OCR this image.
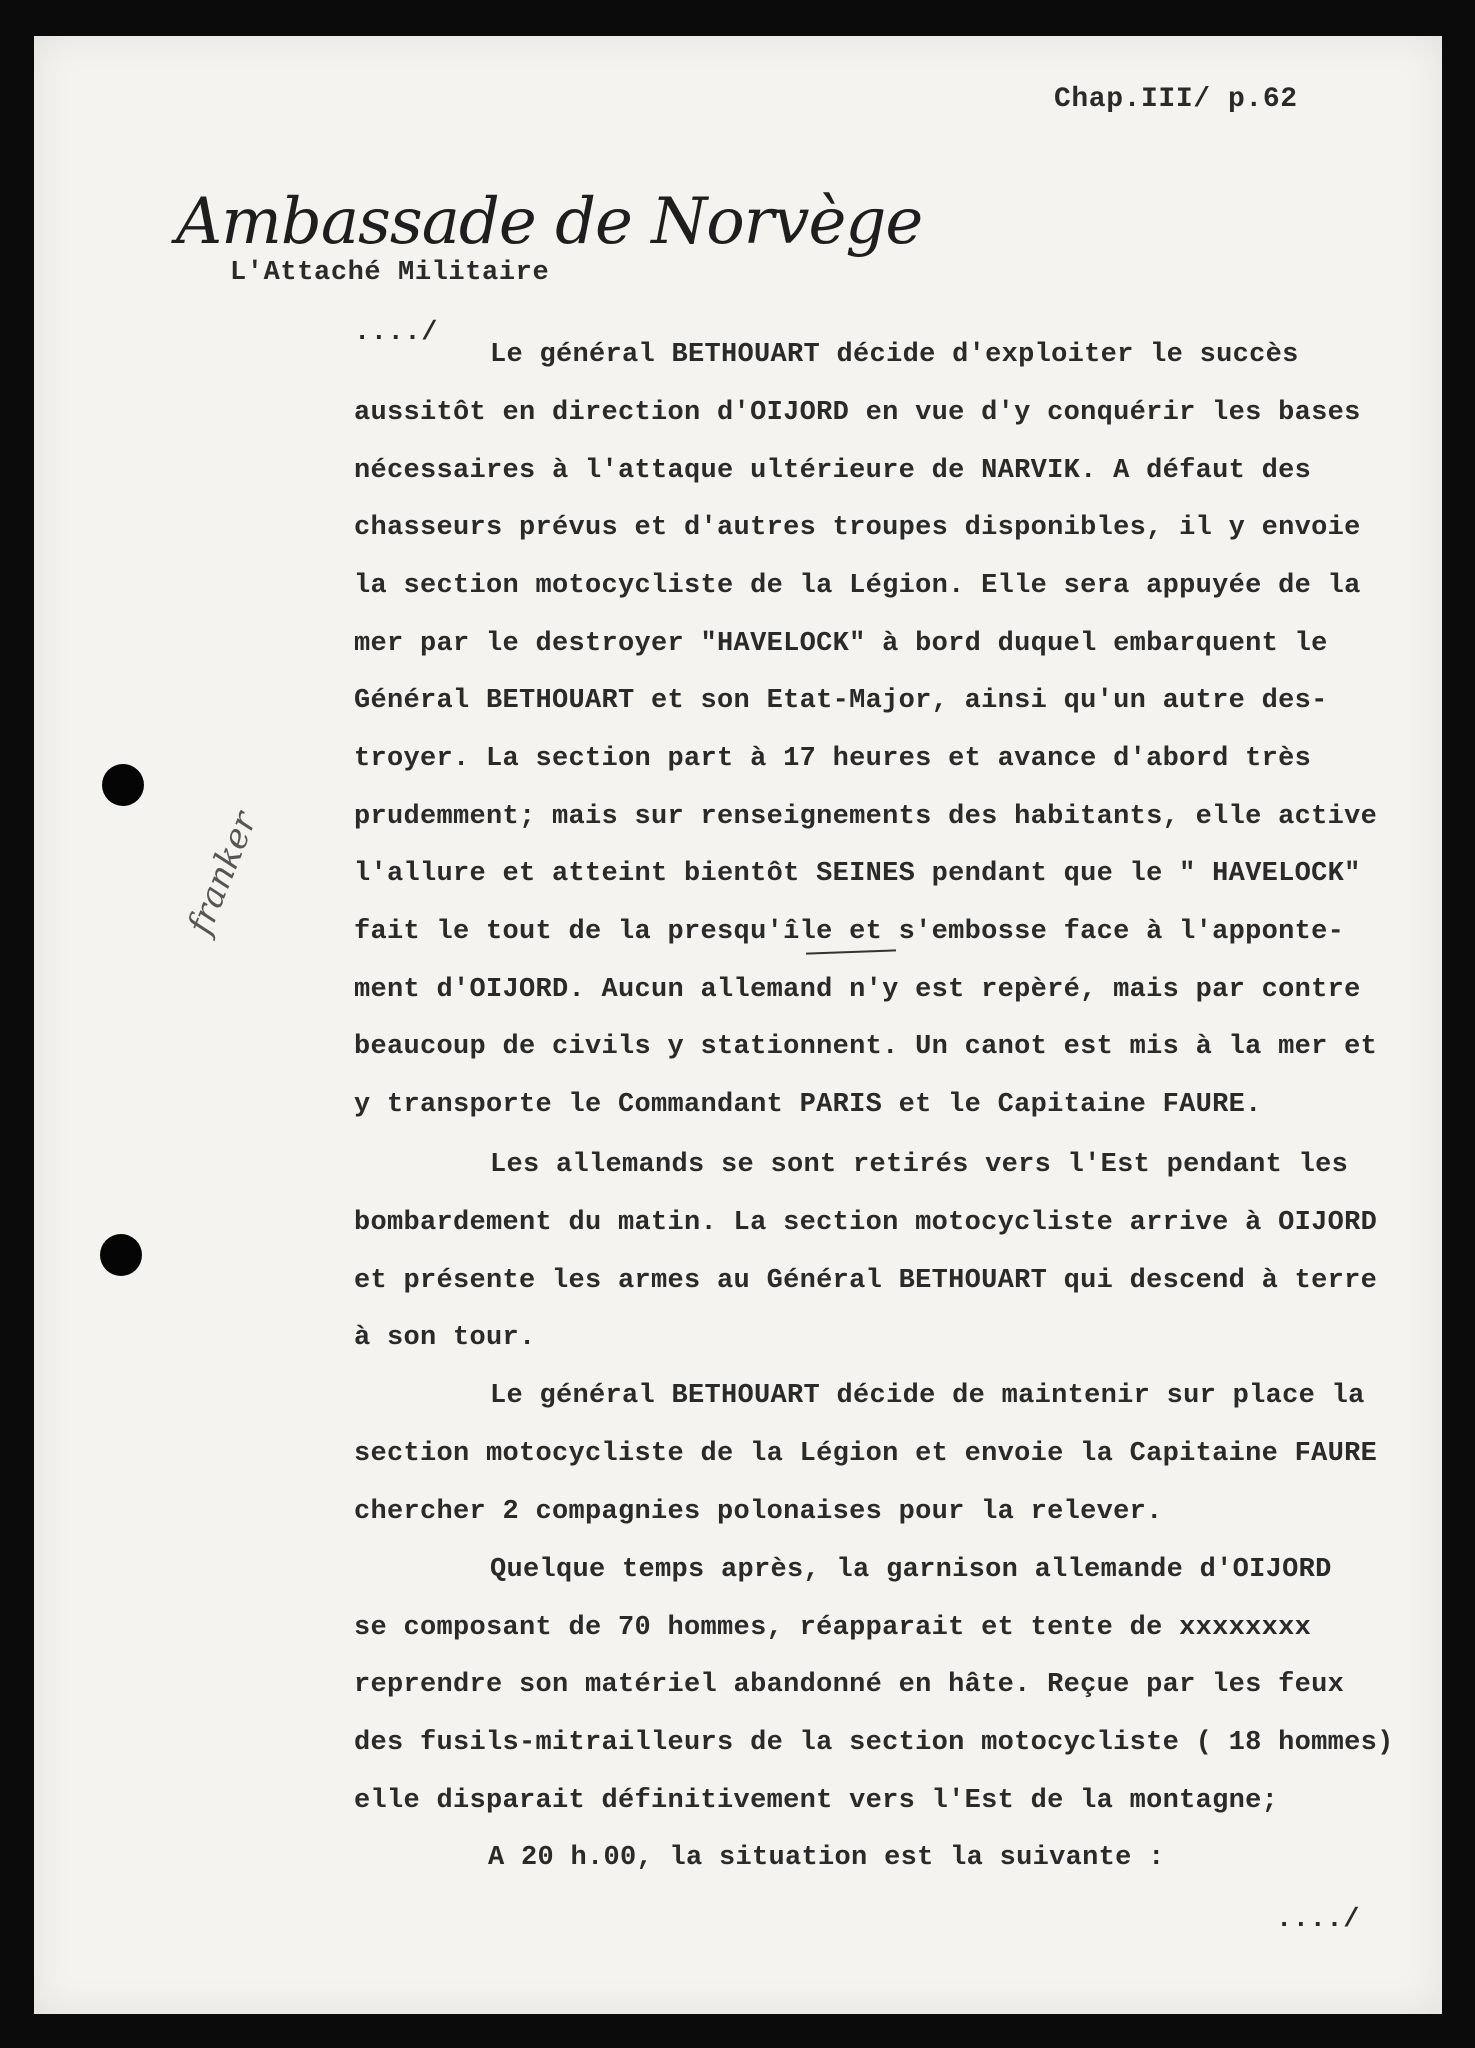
Chap.III/ p.62
Ambassade de Norvège
L'Attaché Militaire
..../
franker
Le général BETHOUART décide d'exploiter le succès
aussitôt en direction d'OIJORD en vue d'y conquérir les bases
nécessaires à l'attaque ultérieure de NARVIK. A défaut des
chasseurs prévus et d'autres troupes disponibles, il y envoie
la section motocycliste de la Légion. Elle sera appuyée de la
mer par le destroyer "HAVELOCK" à bord duquel embarquent le
Général BETHOUART et son Etat-Major, ainsi qu'un autre des-
troyer. La section part à 17 heures et avance d'abord très
prudemment; mais sur renseignements des habitants, elle active
l'allure et atteint bientôt SEINES pendant que le " HAVELOCK"
fait le tout de la presqu'île et s'embosse face à l'apponte-
ment d'OIJORD. Aucun allemand n'y est repèré, mais par contre
beaucoup de civils y stationnent. Un canot est mis à la mer et
y transporte le Commandant PARIS et le Capitaine FAURE.
Les allemands se sont retirés vers l'Est pendant les
bombardement du matin. La section motocycliste arrive à OIJORD
et présente les armes au Général BETHOUART qui descend à terre
à son tour.
Le général BETHOUART décide de maintenir sur place la
section motocycliste de la Légion et envoie la Capitaine FAURE
chercher 2 compagnies polonaises pour la relever.
Quelque temps après, la garnison allemande d'OIJORD
se composant de 70 hommes, réapparait et tente de xxxxxxxx
reprendre son matériel abandonné en hâte. Reçue par les feux
des fusils-mitrailleurs de la section motocycliste ( 18 hommes)
elle disparait définitivement vers l'Est de la montagne;
A 20 h.00, la situation est la suivante :
..../
